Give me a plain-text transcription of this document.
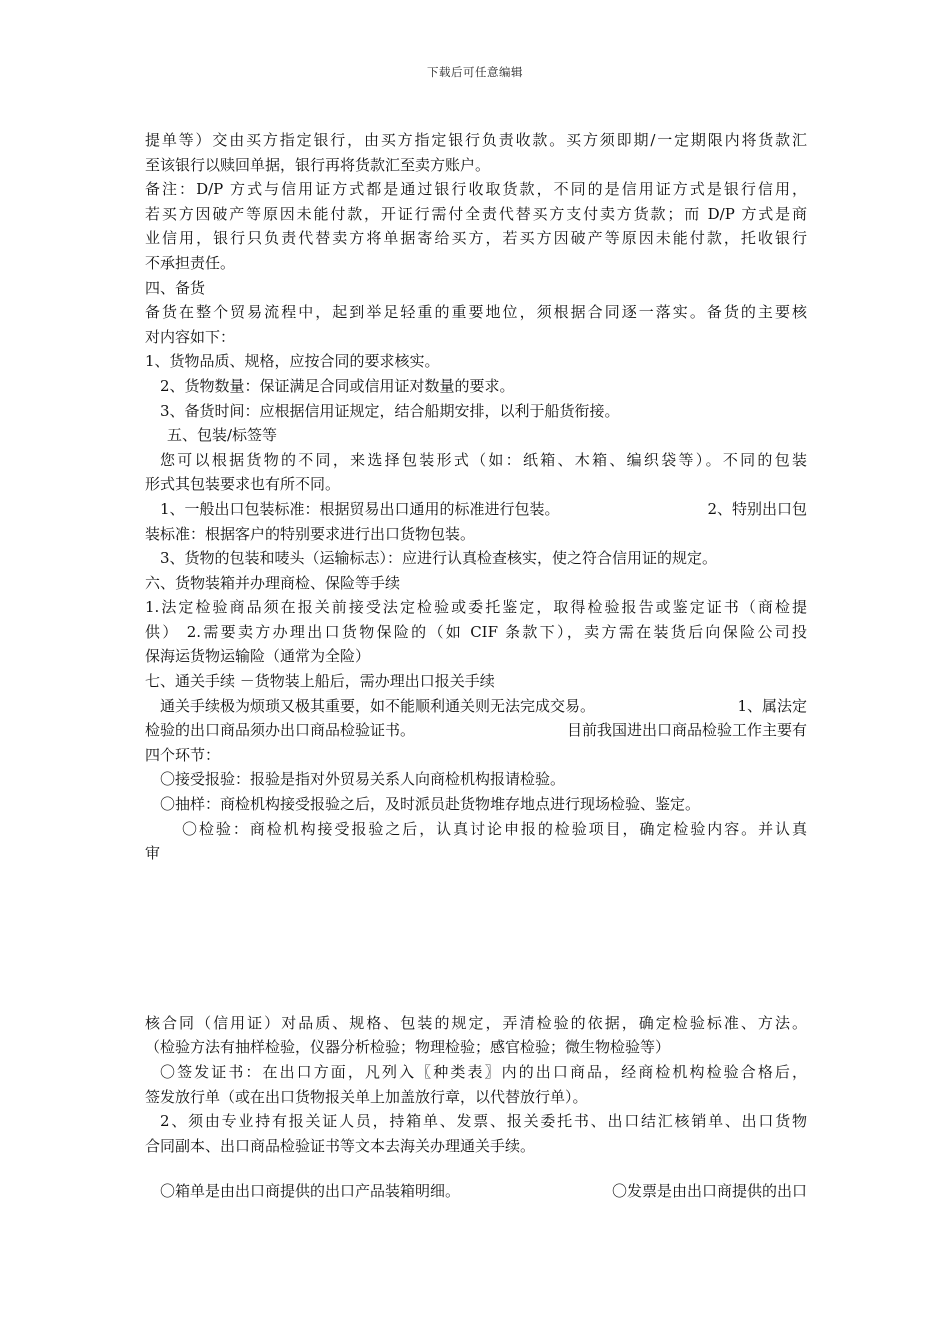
下载后可任意编辑
提单等）交由买方指定银行，由买方指定银行负责收款。买方须即期/一定期限内将货款汇
至该银行以赎回单据，银行再将货款汇至卖方账户。
备注：D/P 方式与信用证方式都是通过银行收取货款，不同的是信用证方式是银行信用，
若买方因破产等原因未能付款，开证行需付全责代替买方支付卖方货款；而 D/P 方式是商
业信用，银行只负责代替卖方将单据寄给买方，若买方因破产等原因未能付款，托收银行
不承担责任。
四、备货
备货在整个贸易流程中，起到举足轻重的重要地位，须根据合同逐一落实。备货的主要核
对内容如下：
1、货物品质、规格，应按合同的要求核实。
2、货物数量：保证满足合同或信用证对数量的要求。
3、备货时间：应根据信用证规定，结合船期安排，以利于船货衔接。
五、包装/标签等
您可以根据货物的不同，来选择包装形式（如：纸箱、木箱、编织袋等）。不同的包装
形式其包装要求也有所不同。
1、一般出口包装标准：根据贸易出口通用的标准进行包装。	2、特别出口包
装标准：根据客户的特别要求进行出口货物包装。
3、货物的包装和唛头（运输标志）：应进行认真检查核实，使之符合信用证的规定。
六、货物装箱并办理商检、保险等手续
1.法定检验商品须在报关前接受法定检验或委托鉴定，取得检验报告或鉴定证书（商检提
供） 2.需要卖方办理出口货物保险的（如 CIF 条款下），卖方需在装货后向保险公司投
保海运货物运输险（通常为全险）
七、通关手续 －货物装上船后，需办理出口报关手续
通关手续极为烦琐又极其重要，如不能顺利通关则无法完成交易。	1、属法定
检验的出口商品须办出口商品检验证书。	目前我国进出口商品检验工作主要有
四个环节：
〇接受报验：报验是指对外贸易关系人向商检机构报请检验。
〇抽样：商检机构接受报验之后，及时派员赴货物堆存地点进行现场检验、鉴定。
〇检验：商检机构接受报验之后，认真讨论申报的检验项目，确定检验内容。并认真
审
核合同（信用证）对品质、规格、包装的规定，弄清检验的依据，确定检验标准、方法。
（检验方法有抽样检验，仪器分析检验；物理检验；感官检验；微生物检验等）
〇签发证书：在出口方面，凡列入〖种类表〗内的出口商品，经商检机构检验合格后，
签发放行单（或在出口货物报关单上加盖放行章，以代替放行单）。
2、须由专业持有报关证人员，持箱单、发票、报关委托书、出口结汇核销单、出口货物
合同副本、出口商品检验证书等文本去海关办理通关手续。
〇箱单是由出口商提供的出口产品装箱明细。	〇发票是由出口商提供的出口
